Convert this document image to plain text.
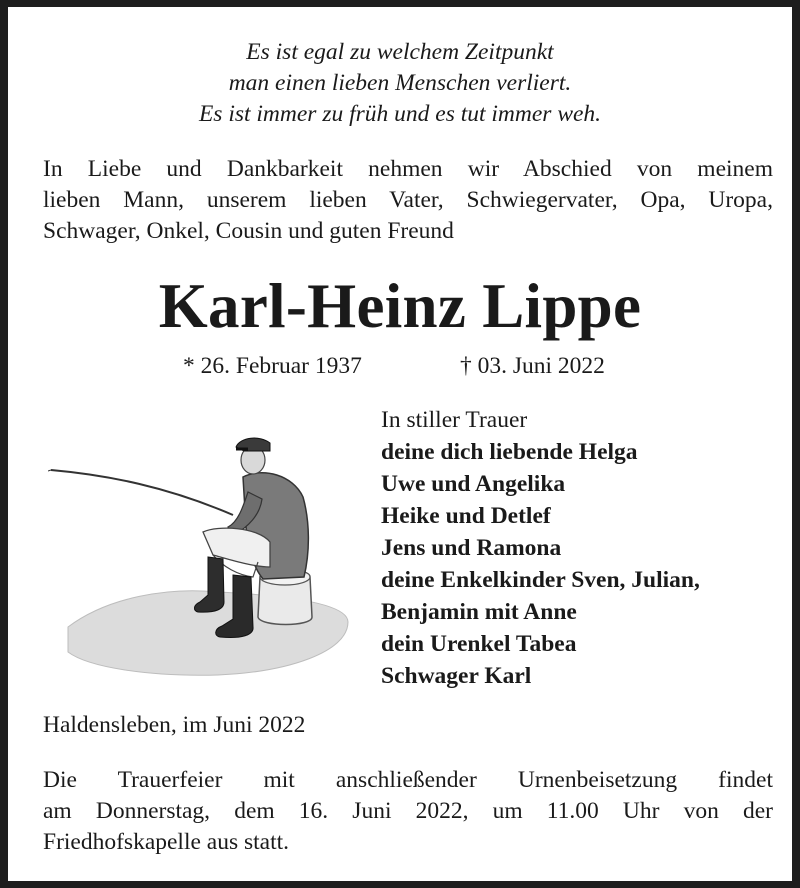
Es ist egal zu welchem Zeitpunkt
man einen lieben Menschen verliert.
Es ist immer zu früh und es tut immer weh.
In Liebe und Dankbarkeit nehmen wir Abschied von meinem
lieben Mann, unserem lieben Vater, Schwiegervater, Opa, Uropa,
Schwager, Onkel, Cousin und guten Freund
Karl-Heinz Lippe
* 26. Februar 1937	† 03. Juni 2022
In stiller Trauer
deine dich liebende Helga
Uwe und Angelika
Heike und Detlef
Jens und Ramona
deine Enkelkinder Sven, Julian,
Benjamin mit Anne
dein Urenkel Tabea
Schwager Karl
Haldensleben, im Juni 2022
Die Trauerfeier mit anschließender Urnenbeisetzung findet
am Donnerstag, dem 16. Juni 2022, um 11.00 Uhr von der
Friedhofskapelle aus statt.
